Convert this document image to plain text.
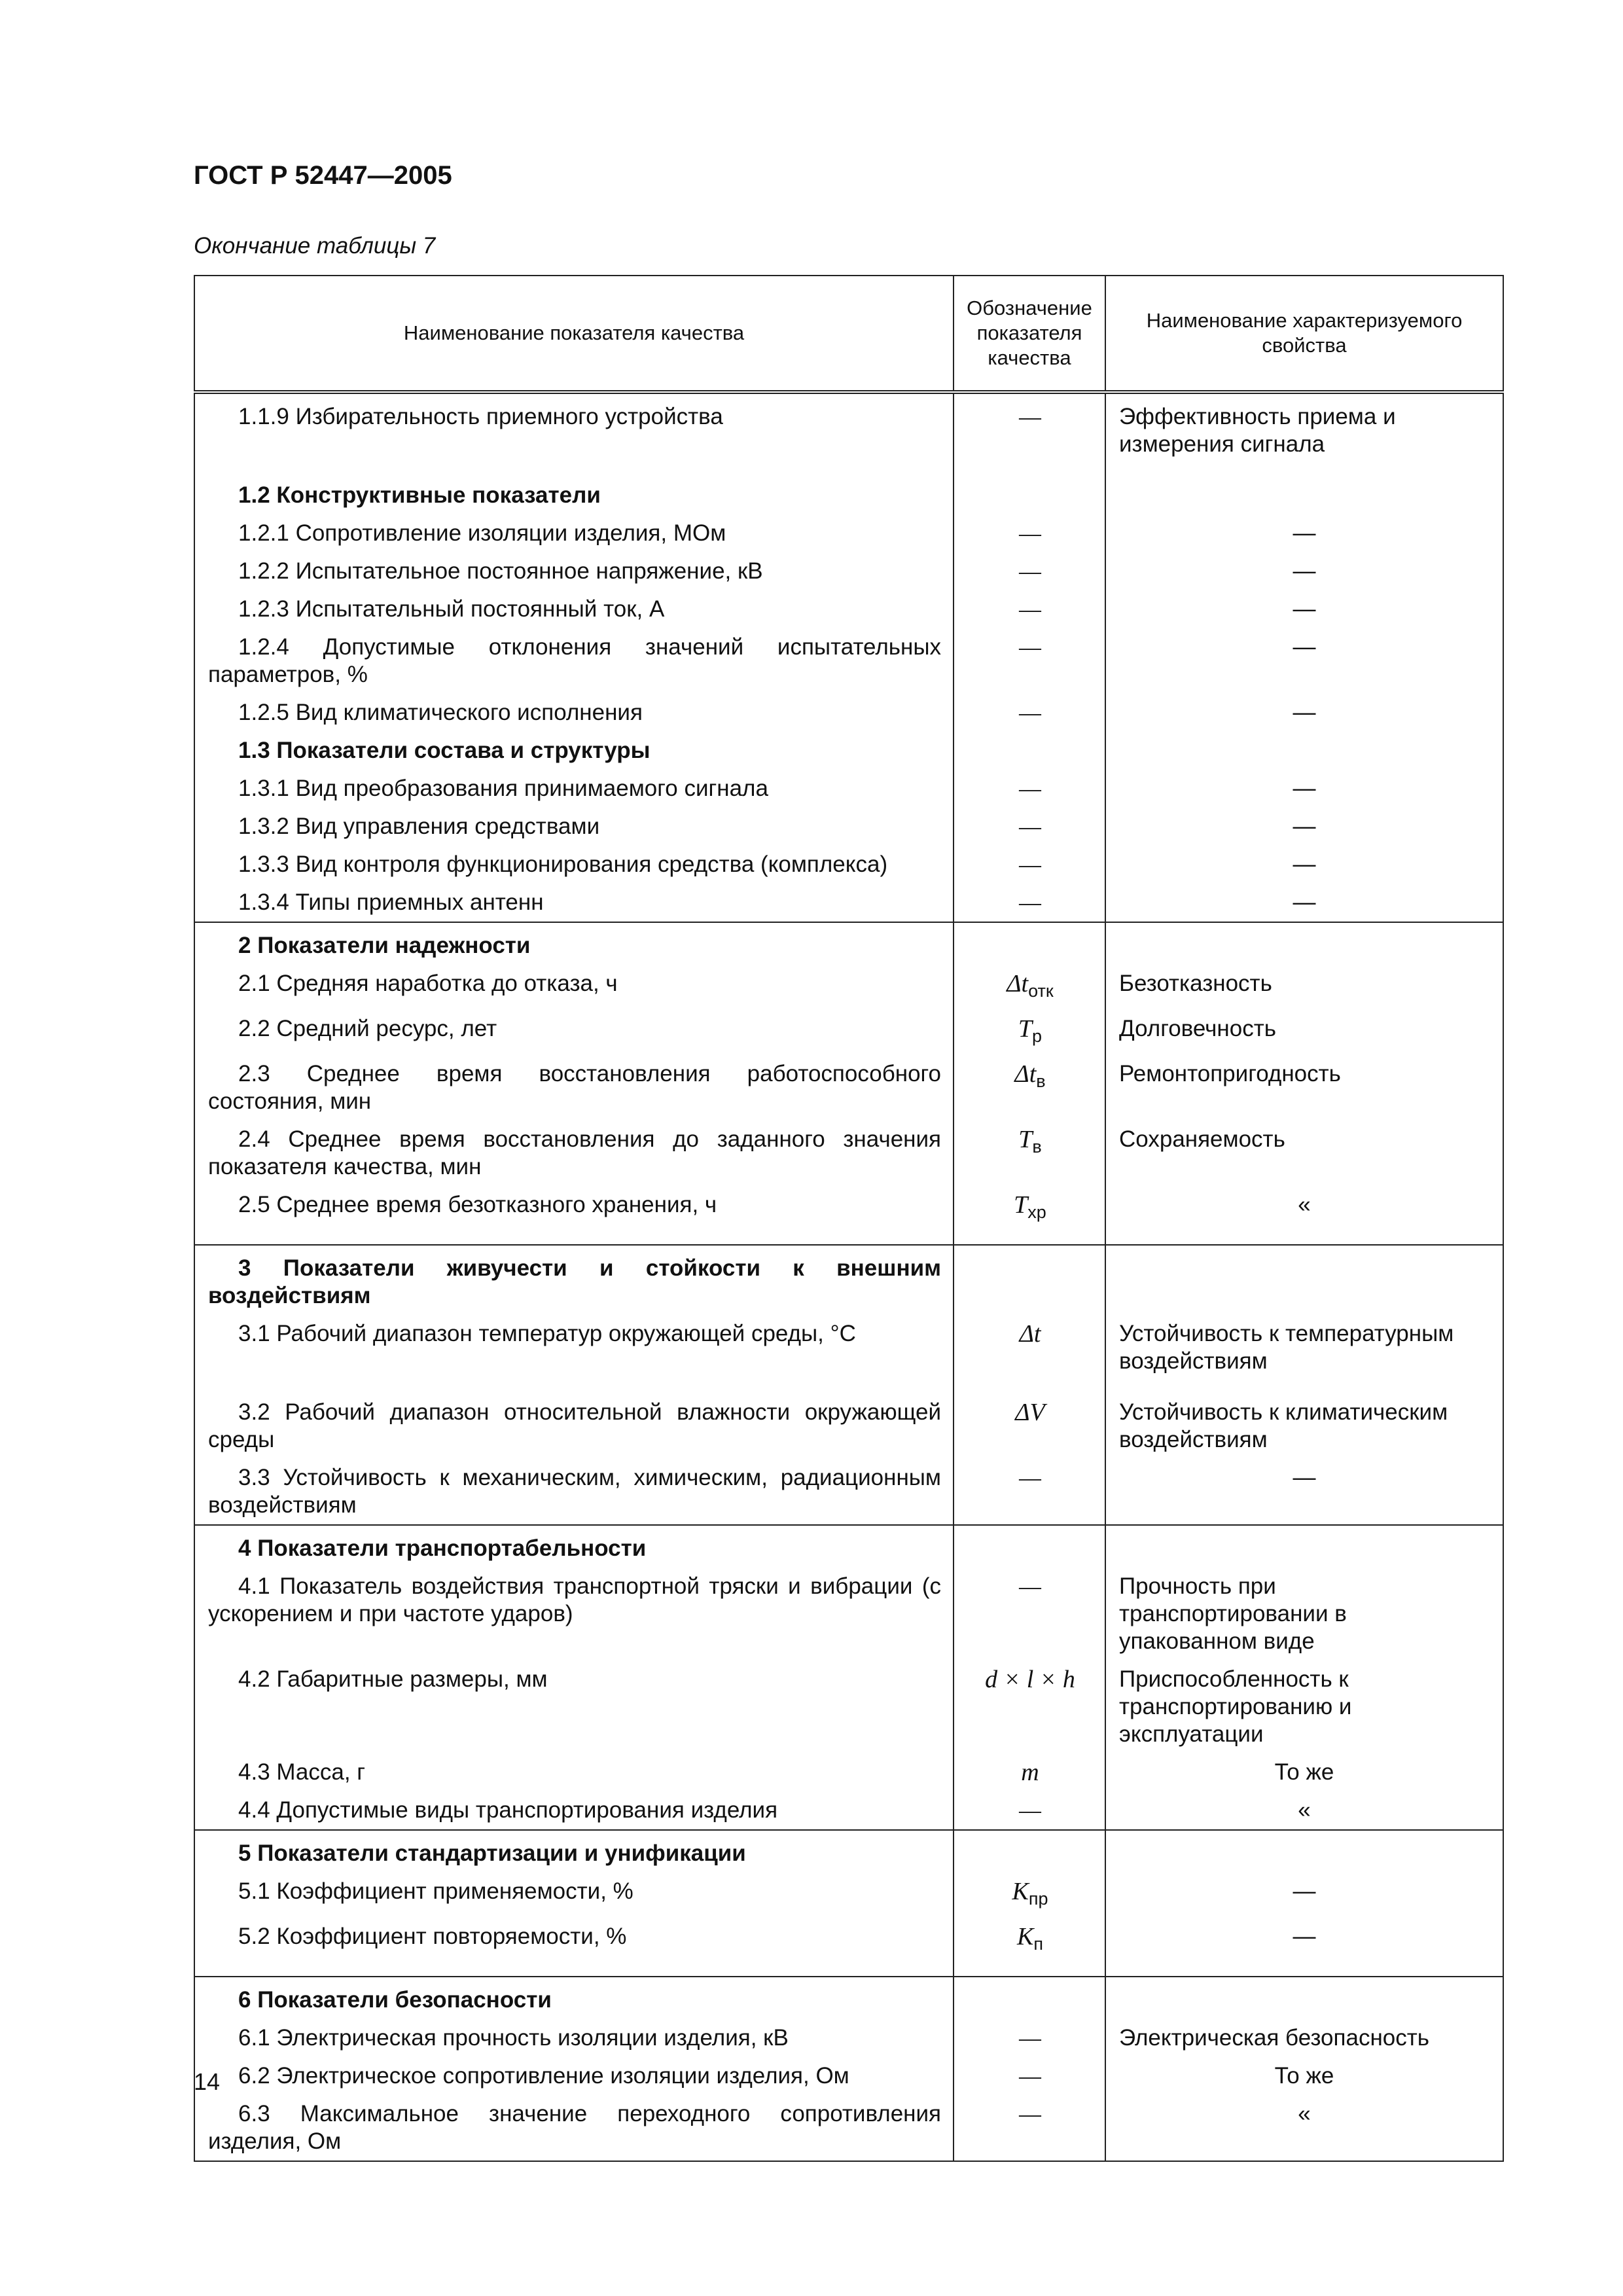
ГОСТ Р 52447—2005

Окончание таблицы 7

Наименование показателя качества	Обозначение показателя качества	Наименование характеризуемого свойства
1.1.9 Избирательность приемного устройства	—	Эффективность приема и измерения сигнала
1.2 Конструктивные показатели		
1.2.1 Сопротивление изоляции изделия, МОм	—	—
1.2.2 Испытательное постоянное напряжение, кВ	—	—
1.2.3 Испытательный постоянный ток, А	—	—
1.2.4 Допустимые отклонения значений испытательных параметров, %	—	—
1.2.5 Вид климатического исполнения	—	—
1.3 Показатели состава и структуры		
1.3.1 Вид преобразования принимаемого сигнала	—	—
1.3.2 Вид управления средствами	—	—
1.3.3 Вид контроля функционирования средства (комплекса)	—	—
1.3.4 Типы приемных антенн	—	—
2 Показатели надежности		
2.1 Средняя наработка до отказа, ч	$\Delta t_{отк}$	Безотказность
2.2 Средний ресурс, лет	$T_р$	Долговечность
2.3 Среднее время восстановления работоспособного состояния, мин	$\Delta t_в$	Ремонтопригодность
2.4 Среднее время восстановления до заданного значения показателя качества, мин	$T_в$	Сохраняемость
2.5 Среднее время безотказного хранения, ч	$T_{хр}$	«
3 Показатели живучести и стойкости к внешним воздействиям		
3.1 Рабочий диапазон температур окружающей среды, °С	Δt	Устойчивость к температурным воздействиям
3.2 Рабочий диапазон относительной влажности окружающей среды	ΔV	Устойчивость к климатическим воздействиям
3.3 Устойчивость к механическим, химическим, радиационным воздействиям	—	—
4 Показатели транспортабельности		
4.1 Показатель воздействия транспортной тряски и вибрации (с ускорением и при частоте ударов)	—	Прочность при транспортировании в упакованном виде
4.2 Габаритные размеры, мм	d × l × h	Приспособленность к транспортированию и эксплуатации
4.3 Масса, г	m	То же
4.4 Допустимые виды транспортирования изделия	—	«
5 Показатели стандартизации и унификации		
5.1 Коэффициент применяемости, %	$K_{пр}$	—
5.2 Коэффициент повторяемости, %	$K_п$	—
6 Показатели безопасности		
6.1 Электрическая прочность изоляции изделия, кВ	—	Электрическая безопасность
6.2 Электрическое сопротивление изоляции изделия, Ом	—	То же
6.3 Максимальное значение переходного сопротивления изделия, Ом	—	«

14
